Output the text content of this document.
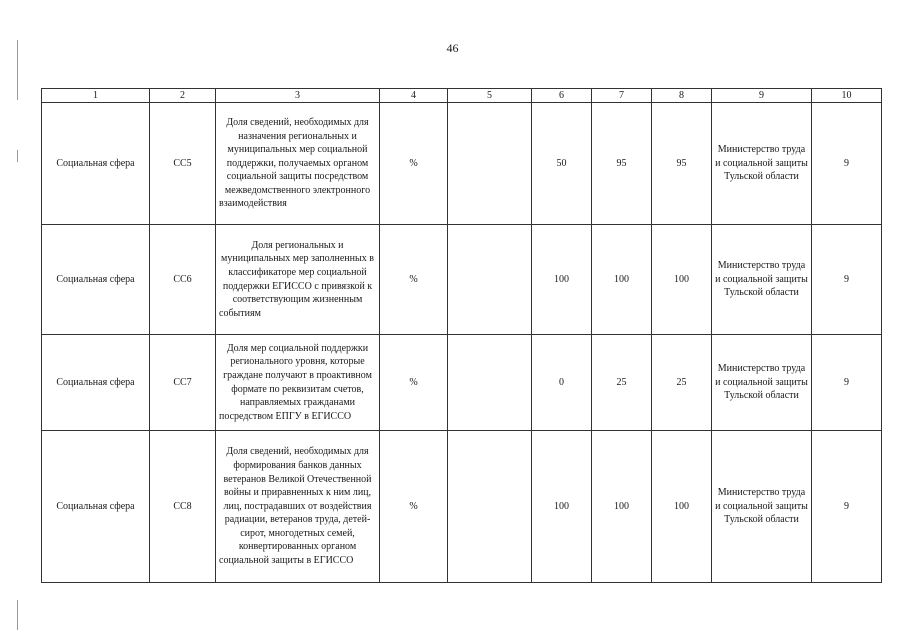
46
1	2	3	4	5	6	7	8	9	10
Социальная сфера	СС5	Доля сведений, необходимых для назначения региональных и муниципальных мер социальной поддержки, получаемых органом социальной защиты посредством межведомственного электронного взаимодействия	%		50	95	95	Министерство труда и социальной защиты Тульской области	9
Социальная сфера	СС6	Доля региональных и муниципальных мер заполненных в классификаторе мер социальной поддержки ЕГИССО с привязкой к соответствующим жизненным событиям	%		100	100	100	Министерство труда и социальной защиты Тульской области	9
Социальная сфера	СС7	Доля мер социальной поддержки регионального уровня, которые граждане получают в проактивном формате по реквизитам счетов, направляемых гражданами посредством ЕПГУ в ЕГИССО	%		0	25	25	Министерство труда и социальной защиты Тульской области	9
Социальная сфера	СС8	Доля сведений, необходимых для формирования банков данных ветеранов Великой Отечественной войны и приравненных к ним лиц, лиц, пострадавших от воздействия радиации, ветеранов труда, детей-сирот, многодетных семей, конвертированных органом социальной защиты в ЕГИССО	%		100	100	100	Министерство труда и социальной защиты Тульской области	9
